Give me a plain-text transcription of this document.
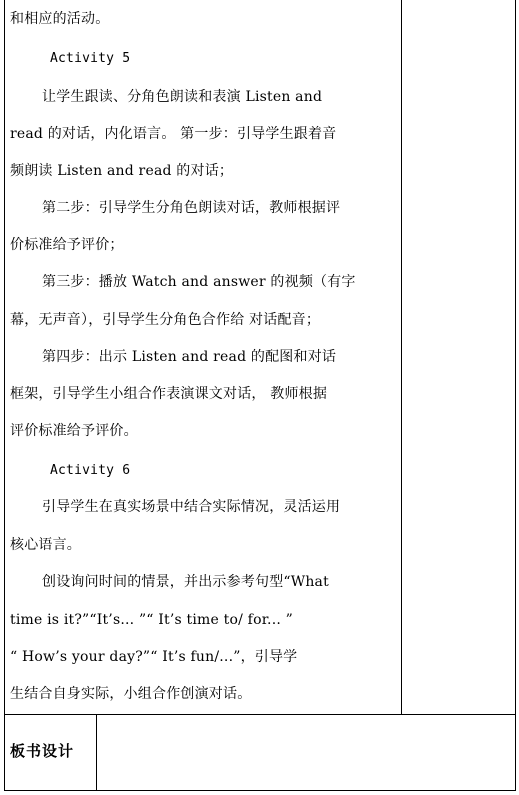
和相应的活动。
Activity 5
让学生跟读、分角色朗读和表演 Listen and
read 的对话，内化语言。 第一步：引导学生跟着音
频朗读 Listen and read 的对话；
第二步：引导学生分角色朗读对话，教师根据评
价标准给予评价；
第三步：播放 Watch and answer 的视频（有字
幕，无声音），引导学生分角色合作给 对话配音；
第四步：出示 Listen and read 的配图和对话
框架，引导学生小组合作表演课文对话， 教师根据
评价标准给予评价。
Activity 6
引导学生在真实场景中结合实际情况，灵活运用
核心语言。
创设询问时间的情景，并出示参考句型“What
time is it?”“It’s... ”“ It’s time to/ for... ”
“ How’s your day?”“ It’s fun/...”，引导学
生结合自身实际，小组合作创演对话。
板书设计
